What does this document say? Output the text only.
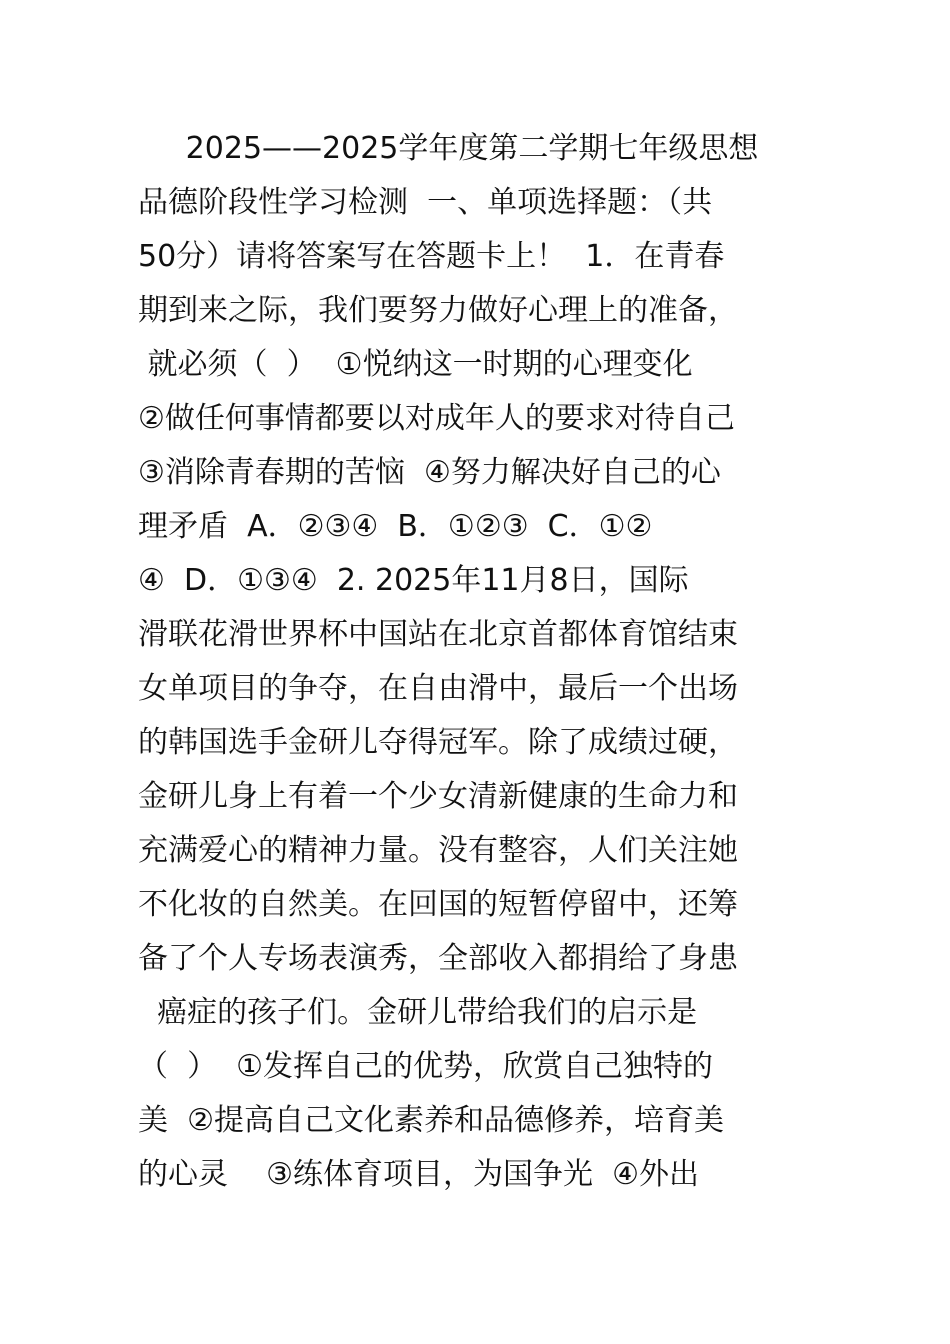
2025——2025学年度第二学期七年级思想
品德阶段性学习检测  一、单项选择题：（共
50分）请将答案写在答题卡上！  1．在青春
期到来之际，我们要努力做好心理上的准备，
就必须（  ）  ①悦纳这一时期的心理变化
②做任何事情都要以对成年人的要求对待自己
③消除青春期的苦恼  ④努力解决好自己的心
理矛盾  A．②③④  B．①②③  C．①②
④  D．①③④  2. 2025年11月8日，国际
滑联花滑世界杯中国站在北京首都体育馆结束
女单项目的争夺，在自由滑中，最后一个出场
的韩国选手金研儿夺得冠军。除了成绩过硬，
金研儿身上有着一个少女清新健康的生命力和
充满爱心的精神力量。没有整容，人们关注她
不化妆的自然美。在回国的短暂停留中，还筹
备了个人专场表演秀，全部收入都捐给了身患
癌症的孩子们。金研儿带给我们的启示是
（  ）  ①发挥自己的优势，欣赏自己独特的
美  ②提高自己文化素养和品德修养，培育美
的心灵    ③练体育项目，为国争光  ④外出
